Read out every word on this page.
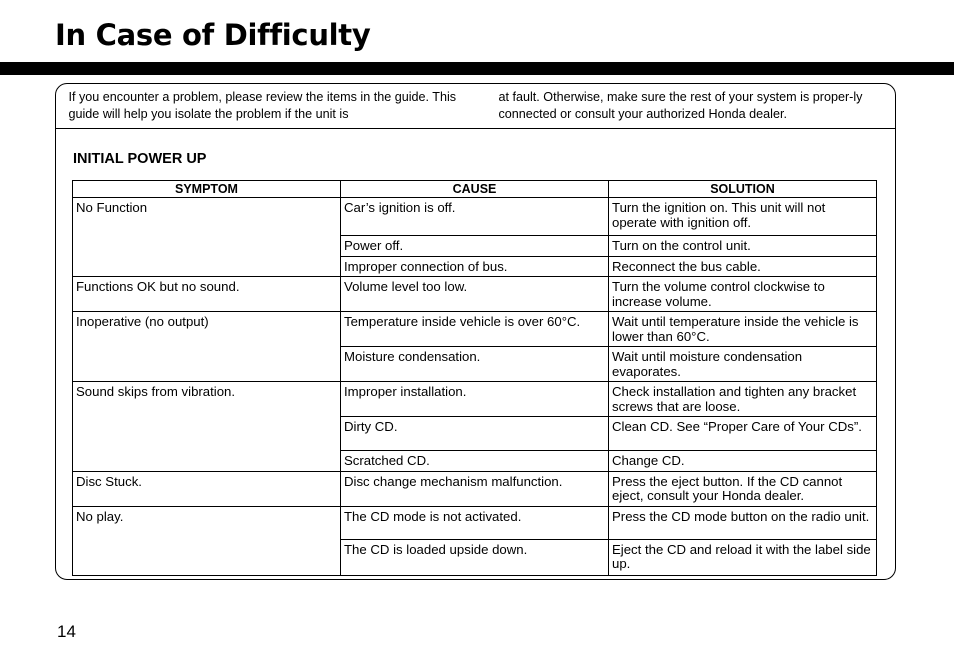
In Case of Difficulty
If you encounter a problem, please review the items in the guide. This guide will help you isolate the problem if the unit is
at fault. Otherwise, make sure the rest of your system is proper-ly connected or consult your authorized Honda dealer.
INITIAL POWER UP
SYMPTOM	CAUSE	SOLUTION
No Function	Car’s ignition is off.	Turn the ignition on. This unit will not operate with ignition off.
	Power off.	Turn on the control unit.
	Improper connection of bus.	Reconnect the bus cable.
Functions OK but no sound.	Volume level too low.	Turn the volume control clockwise to increase volume.
Inoperative (no output)	Temperature inside vehicle is over 60°C.	Wait until temperature inside the vehicle is lower than 60°C.
	Moisture condensation.	Wait until moisture condensation evaporates.
Sound skips from vibration.	Improper installation.	Check installation and tighten any bracket screws that are loose.
	Dirty CD.	Clean CD. See “Proper Care of Your CDs”.
	Scratched CD.	Change CD.
Disc Stuck.	Disc change mechanism malfunction.	Press the eject button. If the CD cannot eject, consult your Honda dealer.
No play.	The CD mode is not activated.	Press the CD mode button on the radio unit.
	The CD is loaded upside down.	Eject the CD and reload it with the label side up.
14
